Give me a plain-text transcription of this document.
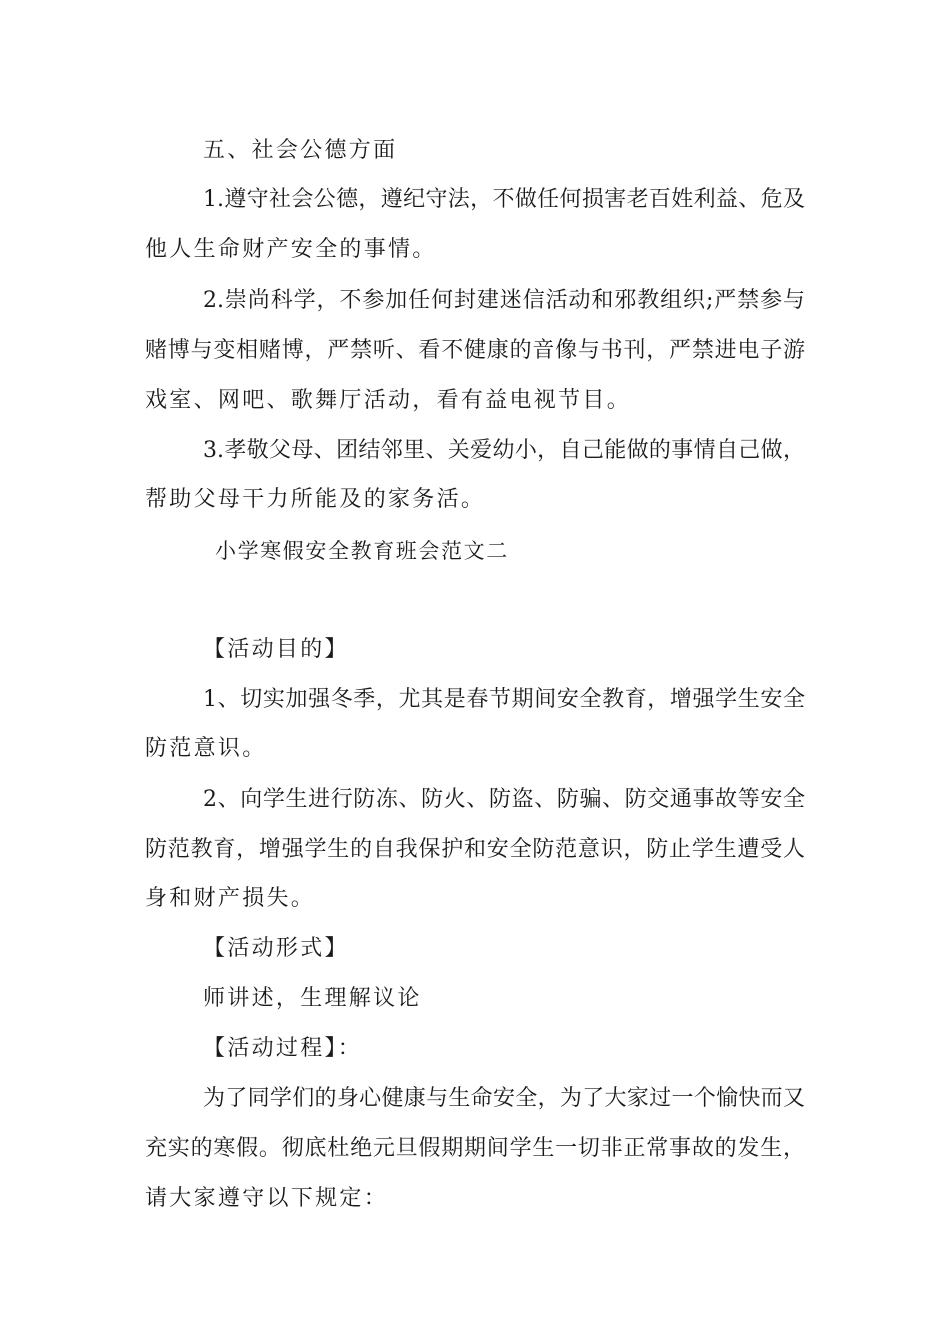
五、社会公德方面
1.遵守社会公德，遵纪守法，不做任何损害老百姓利益、危及
他人生命财产安全的事情。
2.崇尚科学，不参加任何封建迷信活动和邪教组织;严禁参与
赌博与变相赌博，严禁听、看不健康的音像与书刊，严禁进电子游
戏室、网吧、歌舞厅活动，看有益电视节目。
3.孝敬父母、团结邻里、关爱幼小，自己能做的事情自己做，
帮助父母干力所能及的家务活。
小学寒假安全教育班会范文二
【活动目的】
1、切实加强冬季，尤其是春节期间安全教育，增强学生安全
防范意识。
2、向学生进行防冻、防火、防盗、防骗、防交通事故等安全
防范教育，增强学生的自我保护和安全防范意识，防止学生遭受人
身和财产损失。
【活动形式】
师讲述，生理解议论
【活动过程】：
为了同学们的身心健康与生命安全，为了大家过一个愉快而又
充实的寒假。彻底杜绝元旦假期期间学生一切非正常事故的发生，
请大家遵守以下规定：
